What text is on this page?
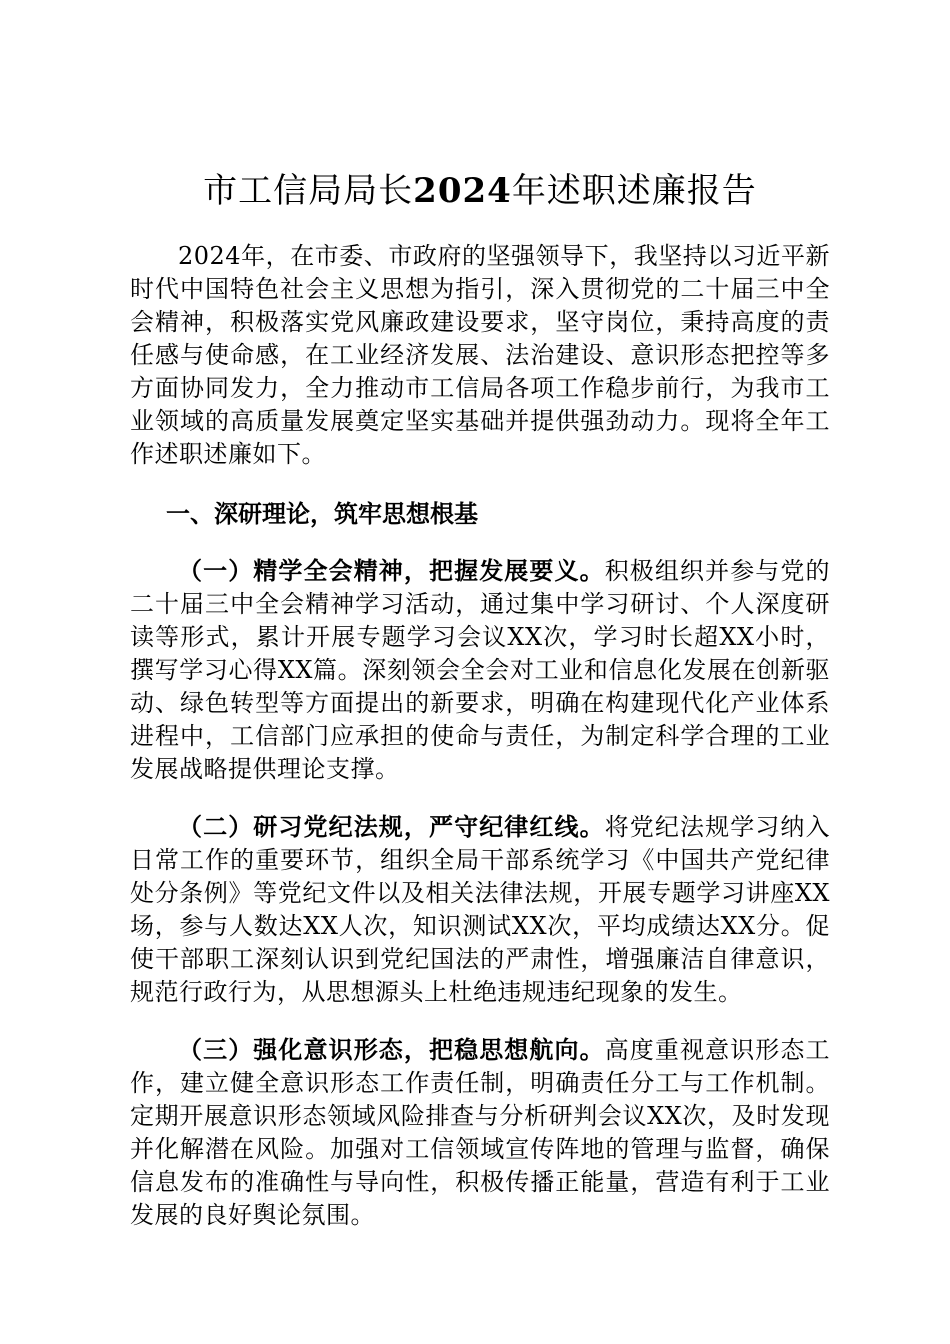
市工信局局长2024年述职述廉报告

2024年，在市委、市政府的坚强领导下，我坚持以习近平新时代中国特色社会主义思想为指引，深入贯彻党的二十届三中全会精神，积极落实党风廉政建设要求，坚守岗位，秉持高度的责任感与使命感，在工业经济发展、法治建设、意识形态把控等多方面协同发力，全力推动市工信局各项工作稳步前行，为我市工业领域的高质量发展奠定坚实基础并提供强劲动力。现将全年工作述职述廉如下。

一、深研理论，筑牢思想根基

（一）精学全会精神，把握发展要义。积极组织并参与党的二十届三中全会精神学习活动，通过集中学习研讨、个人深度研读等形式，累计开展专题学习会议XX次，学习时长超XX小时，撰写学习心得XX篇。深刻领会全会对工业和信息化发展在创新驱动、绿色转型等方面提出的新要求，明确在构建现代化产业体系进程中，工信部门应承担的使命与责任，为制定科学合理的工业发展战略提供理论支撑。

（二）研习党纪法规，严守纪律红线。将党纪法规学习纳入日常工作的重要环节，组织全局干部系统学习《中国共产党纪律处分条例》等党纪文件以及相关法律法规，开展专题学习讲座XX场，参与人数达XX人次，知识测试XX次，平均成绩达XX分。促使干部职工深刻认识到党纪国法的严肃性，增强廉洁自律意识，规范行政行为，从思想源头上杜绝违规违纪现象的发生。

（三）强化意识形态，把稳思想航向。高度重视意识形态工作，建立健全意识形态工作责任制，明确责任分工与工作机制。定期开展意识形态领域风险排查与分析研判会议XX次，及时发现并化解潜在风险。加强对工信领域宣传阵地的管理与监督，确保信息发布的准确性与导向性，积极传播正能量，营造有利于工业发展的良好舆论氛围。
